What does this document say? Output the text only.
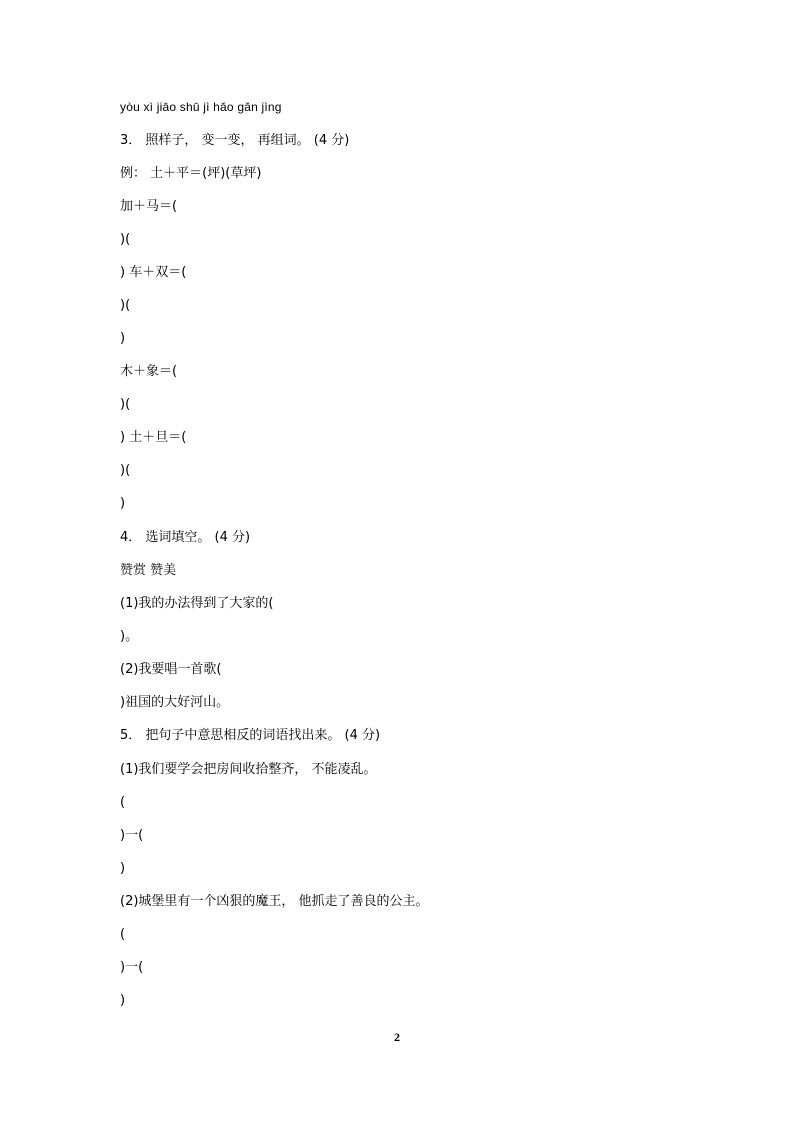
yòu xì jiāo shū jì hǎo gǎn jìng
3． 照样子， 变一变， 再组词。 (4 分)
例： 土＋平＝(坪)(草坪)
加＋马＝(
)(
) 车＋双＝(
)(
)
木＋象＝(
)(
) 土＋旦＝(
)(
)
4． 选词填空。 (4 分)
赞赏 赞美
(1)我的办法得到了大家的(
)。
(2)我要唱一首歌(
)祖国的大好河山。
5． 把句子中意思相反的词语找出来。 (4 分)
(1)我们要学会把房间收拾整齐， 不能凌乱。
(
)一(
)
(2)城堡里有一个凶狠的魔王， 他抓走了善良的公主。
(
)一(
)
2
